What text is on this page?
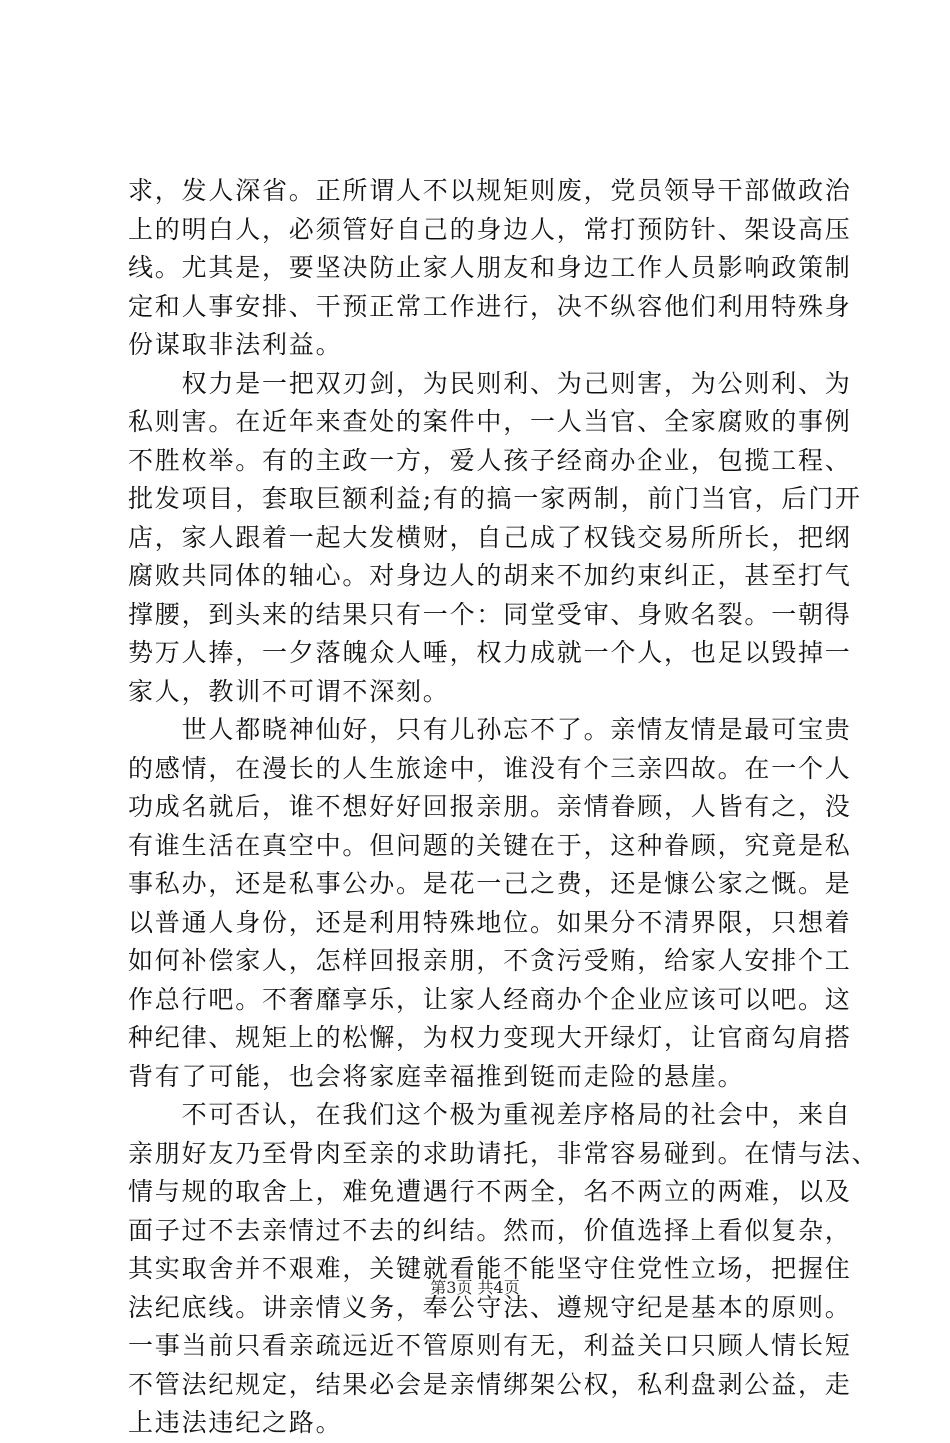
求，发人深省。正所谓人不以规矩则废，党员领导干部做政治
上的明白人，必须管好自己的身边人，常打预防针、架设高压
线。尤其是，要坚决防止家人朋友和身边工作人员影响政策制
定和人事安排、干预正常工作进行，决不纵容他们利用特殊身
份谋取非法利益。
　　权力是一把双刃剑，为民则利、为己则害，为公则利、为
私则害。在近年来查处的案件中，一人当官、全家腐败的事例
不胜枚举。有的主政一方，爱人孩子经商办企业，包揽工程、
批发项目，套取巨额利益;有的搞一家两制，前门当官，后门开
店，家人跟着一起大发横财，自己成了权钱交易所所长，把纲
腐败共同体的轴心。对身边人的胡来不加约束纠正，甚至打气
撑腰，到头来的结果只有一个：同堂受审、身败名裂。一朝得
势万人捧，一夕落魄众人唾，权力成就一个人，也足以毁掉一
家人，教训不可谓不深刻。
　　世人都晓神仙好，只有儿孙忘不了。亲情友情是最可宝贵
的感情，在漫长的人生旅途中，谁没有个三亲四故。在一个人
功成名就后，谁不想好好回报亲朋。亲情眷顾，人皆有之，没
有谁生活在真空中。但问题的关键在于，这种眷顾，究竟是私
事私办，还是私事公办。是花一己之费，还是慷公家之慨。是
以普通人身份，还是利用特殊地位。如果分不清界限，只想着
如何补偿家人，怎样回报亲朋，不贪污受贿，给家人安排个工
作总行吧。不奢靡享乐，让家人经商办个企业应该可以吧。这
种纪律、规矩上的松懈，为权力变现大开绿灯，让官商勾肩搭
背有了可能，也会将家庭幸福推到铤而走险的悬崖。
　　不可否认，在我们这个极为重视差序格局的社会中，来自
亲朋好友乃至骨肉至亲的求助请托，非常容易碰到。在情与法、
情与规的取舍上，难免遭遇行不两全，名不两立的两难，以及
面子过不去亲情过不去的纠结。然而，价值选择上看似复杂，
其实取舍并不艰难，关键就看能不能坚守住党性立场，把握住
法纪底线。讲亲情义务，奉公守法、遵规守纪是基本的原则。
一事当前只看亲疏远近不管原则有无，利益关口只顾人情长短
不管法纪规定，结果必会是亲情绑架公权，私利盘剥公益，走
上违法违纪之路。
第3页 共4页
